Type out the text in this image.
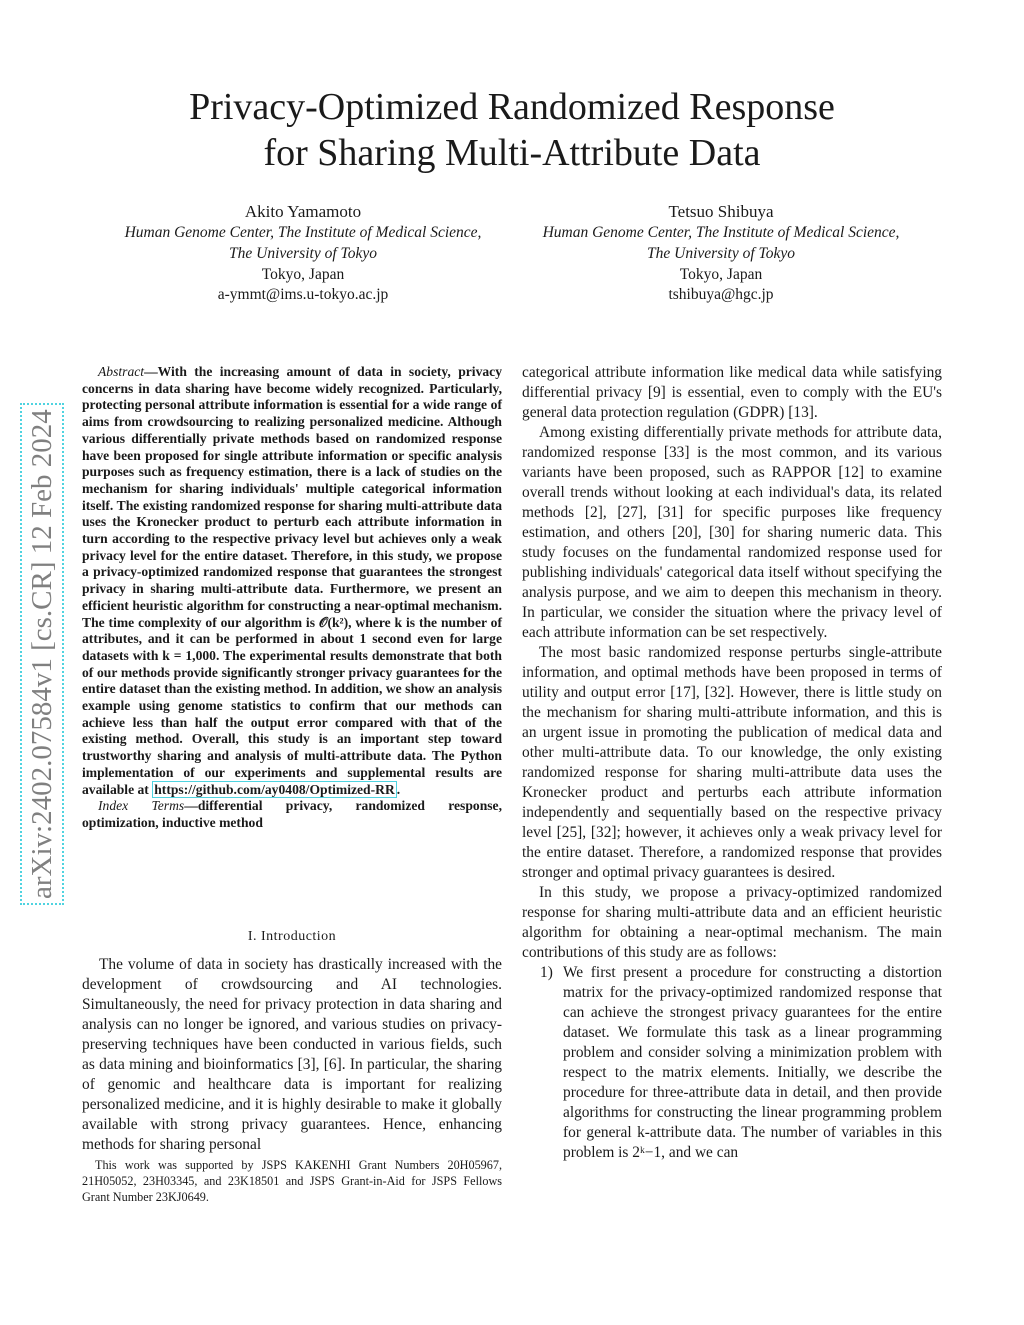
arXiv:2402.07584v1 [cs.CR] 12 Feb 2024
Privacy-Optimized Randomized Response
for Sharing Multi-Attribute Data
Akito Yamamoto
Human Genome Center, The Institute of Medical Science,
The University of Tokyo
Tokyo, Japan
a-ymmt@ims.u-tokyo.ac.jp
Tetsuo Shibuya
Human Genome Center, The Institute of Medical Science,
The University of Tokyo
Tokyo, Japan
tshibuya@hgc.jp

Abstract—With the increasing amount of data in society, privacy concerns in data sharing have become widely recognized. Particularly, protecting personal attribute information is essential for a wide range of aims from crowdsourcing to realizing personalized medicine. Although various differentially private methods based on randomized response have been proposed for single attribute information or specific analysis purposes such as frequency estimation, there is a lack of studies on the mechanism for sharing individuals' multiple categorical information itself. The existing randomized response for sharing multi-attribute data uses the Kronecker product to perturb each attribute information in turn according to the respective privacy level but achieves only a weak privacy level for the entire dataset. Therefore, in this study, we propose a privacy-optimized randomized response that guarantees the strongest privacy in sharing multi-attribute data. Furthermore, we present an efficient heuristic algorithm for constructing a near-optimal mechanism. The time complexity of our algorithm is 𝒪(k²), where k is the number of attributes, and it can be performed in about 1 second even for large datasets with k = 1,000. The experimental results demonstrate that both of our methods provide significantly stronger privacy guarantees for the entire dataset than the existing method. In addition, we show an analysis example using genome statistics to confirm that our methods can achieve less than half the output error compared with that of the existing method. Overall, this study is an important step toward trustworthy sharing and analysis of multi-attribute data. The Python implementation of our experiments and supplemental results are available at https://github.com/ay0408/Optimized-RR .

Index Terms—differential privacy, randomized response, optimization, inductive method

I. Introduction

The volume of data in society has drastically increased with the development of crowdsourcing and AI technologies. Simultaneously, the need for privacy protection in data sharing and analysis can no longer be ignored, and various studies on privacy-preserving techniques have been conducted in various fields, such as data mining and bioinformatics [3], [6]. In particular, the sharing of genomic and healthcare data is important for realizing personalized medicine, and it is highly desirable to make it globally available with strong privacy guarantees. Hence, enhancing methods for sharing personal

This work was supported by JSPS KAKENHI Grant Numbers 20H05967, 21H05052, 23H03345, and 23K18501 and JSPS Grant-in-Aid for JSPS Fellows Grant Number 23KJ0649.

categorical attribute information like medical data while satisfying differential privacy [9] is essential, even to comply with the EU's general data protection regulation (GDPR) [13].

Among existing differentially private methods for attribute data, randomized response [33] is the most common, and its various variants have been proposed, such as RAPPOR [12] to examine overall trends without looking at each individual's data, its related methods [2], [27], [31] for specific purposes like frequency estimation, and others [20], [30] for sharing numeric data. This study focuses on the fundamental randomized response used for publishing individuals' categorical data itself without specifying the analysis purpose, and we aim to deepen this mechanism in theory. In particular, we consider the situation where the privacy level of each attribute information can be set respectively.

The most basic randomized response perturbs single-attribute information, and optimal methods have been proposed in terms of utility and output error [17], [32]. However, there is little study on the mechanism for sharing multi-attribute information, and this is an urgent issue in promoting the publication of medical data and other multi-attribute data. To our knowledge, the only existing randomized response for sharing multi-attribute data uses the Kronecker product and perturbs each attribute information independently and sequentially based on the respective privacy level [25], [32]; however, it achieves only a weak privacy level for the entire dataset. Therefore, a randomized response that provides stronger and optimal privacy guarantees is desired.

In this study, we propose a privacy-optimized randomized response for sharing multi-attribute data and an efficient heuristic algorithm for obtaining a near-optimal mechanism. The main contributions of this study are as follows:

1) We first present a procedure for constructing a distortion matrix for the privacy-optimized randomized response that can achieve the strongest privacy guarantees for the entire dataset. We formulate this task as a linear programming problem and consider solving a minimization problem with respect to the matrix elements. Initially, we describe the procedure for three-attribute data in detail, and then provide algorithms for constructing the linear programming problem for general k-attribute data. The number of variables in this problem is 2ᵏ−1, and we can
